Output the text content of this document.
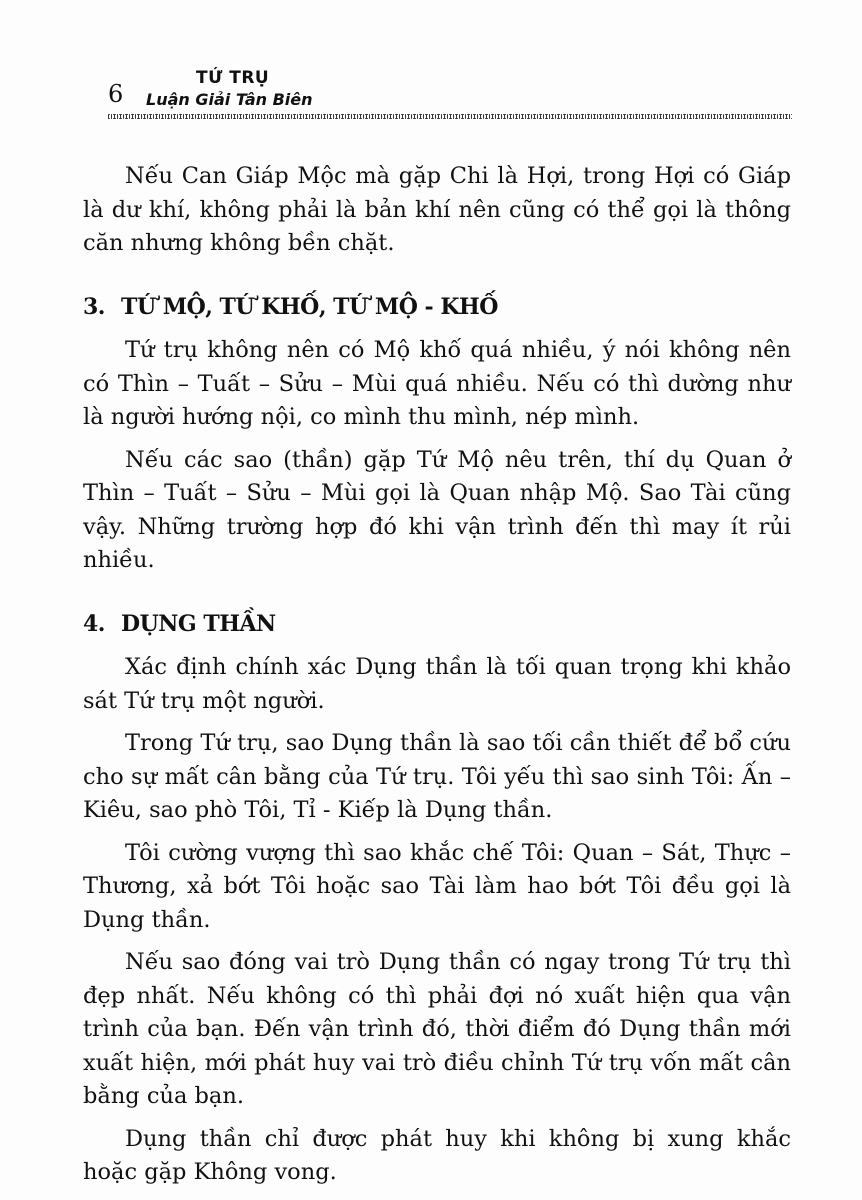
6
TỨ TRỤ
Luận Giải Tân Biên

Nếu Can Giáp Mộc mà gặp Chi là Hợi, trong Hợi có Giáp là dư khí, không phải là bản khí nên cũng có thể gọi là thông căn nhưng không bền chặt.

3. TỨ MỘ, TỨ KHỐ, TỨ MỘ - KHỐ

Tứ trụ không nên có Mộ khố quá nhiều, ý nói không nên có Thìn – Tuất – Sửu – Mùi quá nhiều. Nếu có thì dường như là người hướng nội, co mình thu mình, nép mình.

Nếu các sao (thần) gặp Tứ Mộ nêu trên, thí dụ Quan ở Thìn – Tuất – Sửu – Mùi gọi là Quan nhập Mộ. Sao Tài cũng vậy. Những trường hợp đó khi vận trình đến thì may ít rủi nhiều.

4. DỤNG THẦN

Xác định chính xác Dụng thần là tối quan trọng khi khảo sát Tứ trụ một người.

Trong Tứ trụ, sao Dụng thần là sao tối cần thiết để bổ cứu cho sự mất cân bằng của Tứ trụ. Tôi yếu thì sao sinh Tôi: Ấn – Kiêu, sao phò Tôi, Tỉ - Kiếp là Dụng thần.

Tôi cường vượng thì sao khắc chế Tôi: Quan – Sát, Thực – Thương, xả bớt Tôi hoặc sao Tài làm hao bớt Tôi đều gọi là Dụng thần.

Nếu sao đóng vai trò Dụng thần có ngay trong Tứ trụ thì đẹp nhất. Nếu không có thì phải đợi nó xuất hiện qua vận trình của bạn. Đến vận trình đó, thời điểm đó Dụng thần mới xuất hiện, mới phát huy vai trò điều chỉnh Tứ trụ vốn mất cân bằng của bạn.

Dụng thần chỉ được phát huy khi không bị xung khắc hoặc gặp Không vong.
